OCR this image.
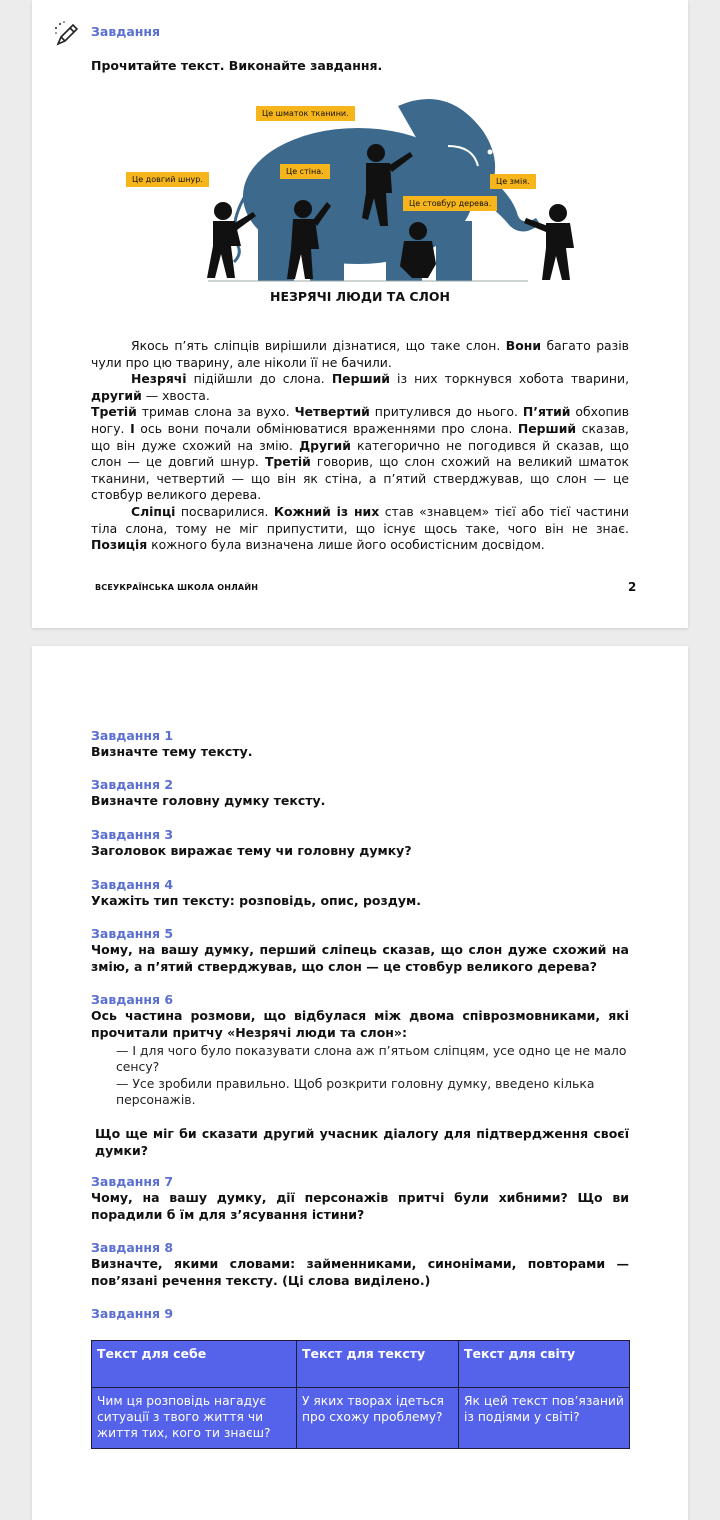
Завдання
Прочитайте текст. Виконайте завдання.
Це шматок тканини.
Це довгий шнур.
Це стіна.
Це змія.
Це стовбур дерева.
НЕЗРЯЧІ ЛЮДИ ТА СЛОН

Якось п’ять сліпців вирішили дізнатися, що таке слон. Вони багато разів чули про цю тварину, але ніколи її не бачили.

Незрячі підійшли до слона. Перший із них торкнувся хобота тварини, другий — хвоста.

Третій тримав слона за вухо. Четвертий притулився до нього. П’ятий обхопив ногу. І ось вони почали обмінюватися враженнями про слона. Перший сказав, що він дуже схожий на змію. Другий категорично не погодився й сказав, що слон — це довгий шнур. Третій говорив, що слон схожий на великий шматок тканини, четвертий — що він як стіна, а п’ятий стверджував, що слон — це стовбур великого дерева.

Сліпці посварилися. Кожний із них став «знавцем» тієї або тієї частини тіла слона, тому не міг припустити, що існує щось таке, чого він не знає. Позиція кожного була визначена лише його особистісним досвідом.

ВСЕУКРАЇНСЬКА ШКОЛА ОНЛАЙН	2
Завдання 1
Визначте тему тексту.
Завдання 2
Визначте головну думку тексту.
Завдання 3
Заголовок виражає тему чи головну думку?
Завдання 4
Укажіть тип тексту: розповідь, опис, роздум.
Завдання 5
Чому, на вашу думку, перший сліпець сказав, що слон дуже схожий на змію, а п’ятий стверджував, що слон — це стовбур великого дерева?
Завдання 6
Ось частина розмови, що відбулася між двома співрозмовниками, які прочитали притчу «Незрячі люди та слон»:
— І для чого було показувати слона аж п’ятьом сліпцям, усе одно це не мало сенсу?
— Усе зробили правильно. Щоб розкрити головну думку, введено кілька персонажів.
Що ще міг би сказати другий учасник діалогу для підтвердження своєї думки?
Завдання 7
Чому, на вашу думку, дії персонажів притчі були хибними? Що ви порадили б їм для з’ясування істини?
Завдання 8
Визначте, якими словами: займенниками, синонімами, повторами — пов’язані речення тексту. (Ці слова виділено.)
Завдання 9
Текст для себе	Текст для тексту	Текст для світу
Чим ця розповідь нагадує ситуації з твого життя чи життя тих, кого ти знаєш?	У яких творах ідеться про схожу проблему?	Як цей текст пов’язаний із подіями у світі?
